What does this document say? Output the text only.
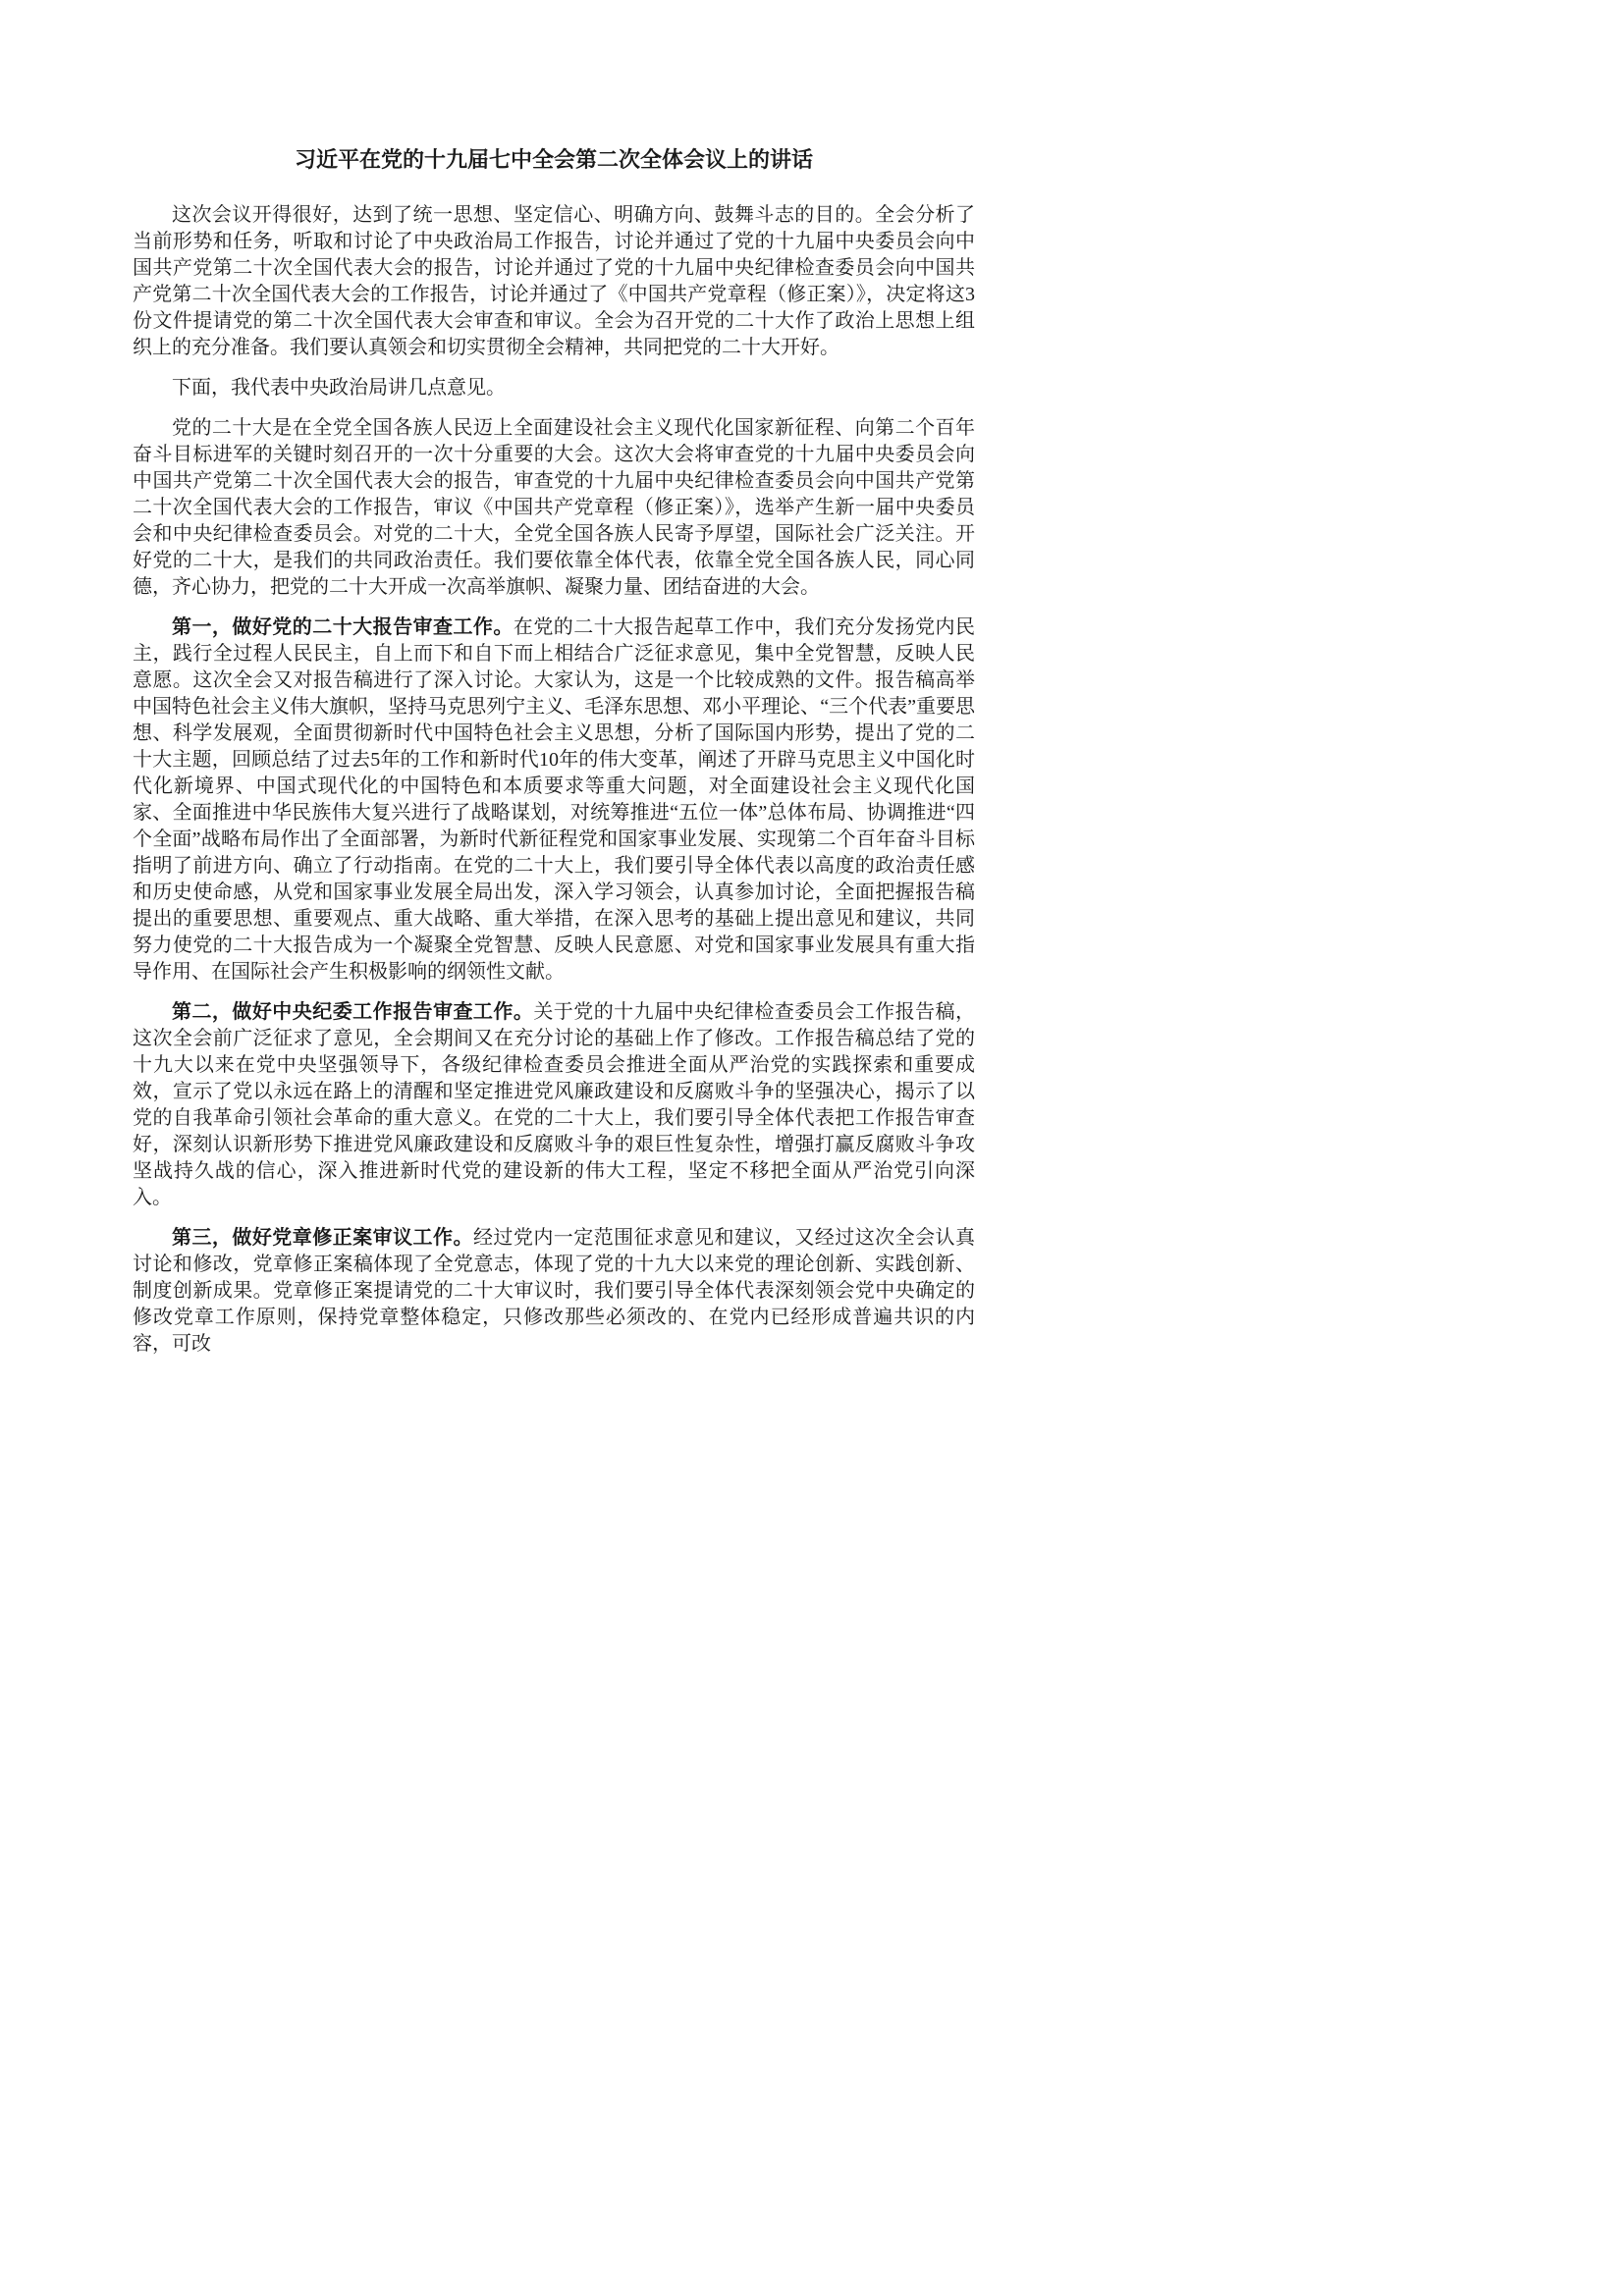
习近平在党的十九届七中全会第二次全体会议上的讲话

这次会议开得很好，达到了统一思想、坚定信心、明确方向、鼓舞斗志的目的。全会分析了当前形势和任务，听取和讨论了中央政治局工作报告，讨论并通过了党的十九届中央委员会向中国共产党第二十次全国代表大会的报告，讨论并通过了党的十九届中央纪律检查委员会向中国共产党第二十次全国代表大会的工作报告，讨论并通过了《中国共产党章程（修正案）》，决定将这3份文件提请党的第二十次全国代表大会审查和审议。全会为召开党的二十大作了政治上思想上组织上的充分准备。我们要认真领会和切实贯彻全会精神，共同把党的二十大开好。

下面，我代表中央政治局讲几点意见。

党的二十大是在全党全国各族人民迈上全面建设社会主义现代化国家新征程、向第二个百年奋斗目标进军的关键时刻召开的一次十分重要的大会。这次大会将审查党的十九届中央委员会向中国共产党第二十次全国代表大会的报告，审查党的十九届中央纪律检查委员会向中国共产党第二十次全国代表大会的工作报告，审议《中国共产党章程（修正案）》，选举产生新一届中央委员会和中央纪律检查委员会。对党的二十大，全党全国各族人民寄予厚望，国际社会广泛关注。开好党的二十大，是我们的共同政治责任。我们要依靠全体代表，依靠全党全国各族人民，同心同德，齐心协力，把党的二十大开成一次高举旗帜、凝聚力量、团结奋进的大会。

第一，做好党的二十大报告审查工作。在党的二十大报告起草工作中，我们充分发扬党内民主，践行全过程人民民主，自上而下和自下而上相结合广泛征求意见，集中全党智慧，反映人民意愿。这次全会又对报告稿进行了深入讨论。大家认为，这是一个比较成熟的文件。报告稿高举中国特色社会主义伟大旗帜，坚持马克思列宁主义、毛泽东思想、邓小平理论、“三个代表”重要思想、科学发展观，全面贯彻新时代中国特色社会主义思想，分析了国际国内形势，提出了党的二十大主题，回顾总结了过去5年的工作和新时代10年的伟大变革，阐述了开辟马克思主义中国化时代化新境界、中国式现代化的中国特色和本质要求等重大问题，对全面建设社会主义现代化国家、全面推进中华民族伟大复兴进行了战略谋划，对统筹推进“五位一体”总体布局、协调推进“四个全面”战略布局作出了全面部署，为新时代新征程党和国家事业发展、实现第二个百年奋斗目标指明了前进方向、确立了行动指南。在党的二十大上，我们要引导全体代表以高度的政治责任感和历史使命感，从党和国家事业发展全局出发，深入学习领会，认真参加讨论，全面把握报告稿提出的重要思想、重要观点、重大战略、重大举措，在深入思考的基础上提出意见和建议，共同努力使党的二十大报告成为一个凝聚全党智慧、反映人民意愿、对党和国家事业发展具有重大指导作用、在国际社会产生积极影响的纲领性文献。

第二，做好中央纪委工作报告审查工作。关于党的十九届中央纪律检查委员会工作报告稿，这次全会前广泛征求了意见，全会期间又在充分讨论的基础上作了修改。工作报告稿总结了党的十九大以来在党中央坚强领导下，各级纪律检查委员会推进全面从严治党的实践探索和重要成效，宣示了党以永远在路上的清醒和坚定推进党风廉政建设和反腐败斗争的坚强决心，揭示了以党的自我革命引领社会革命的重大意义。在党的二十大上，我们要引导全体代表把工作报告审查好，深刻认识新形势下推进党风廉政建设和反腐败斗争的艰巨性复杂性，增强打赢反腐败斗争攻坚战持久战的信心，深入推进新时代党的建设新的伟大工程，坚定不移把全面从严治党引向深入。

第三，做好党章修正案审议工作。经过党内一定范围征求意见和建议，又经过这次全会认真讨论和修改，党章修正案稿体现了全党意志，体现了党的十九大以来党的理论创新、实践创新、制度创新成果。党章修正案提请党的二十大审议时，我们要引导全体代表深刻领会党中央确定的修改党章工作原则，保持党章整体稳定，只修改那些必须改的、在党内已经形成普遍共识的内容，可改
